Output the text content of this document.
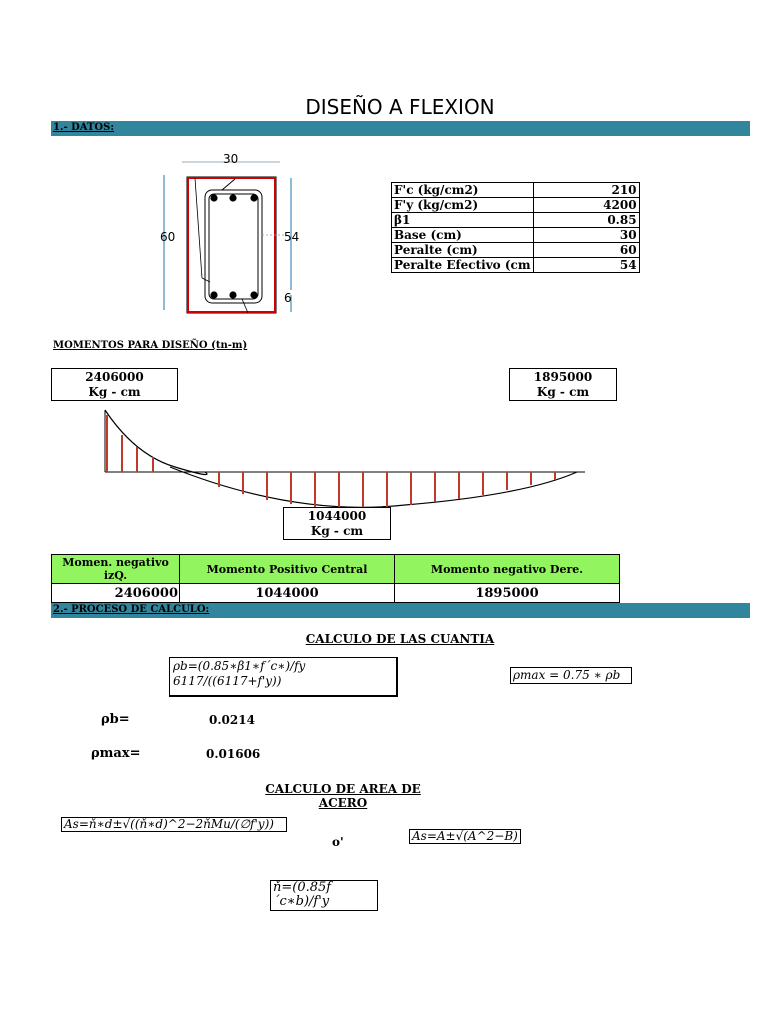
DISEÑO A FLEXION
1.- DATOS:
30
60	54
6
F'c (kg/cm2)	210
F'y (kg/cm2)	4200
β1	0.85
Base (cm)	30
Peralte (cm)	60
Peralte Efectivo (cm	54
MOMENTOS PARA DISEÑO (tn-m)
2406000
Kg - cm
1895000
Kg - cm
1044000
Kg - cm
Momen. negativo izQ.	Momento Positivo Central	Momento negativo Dere.
2406000	1044000	1895000
2.- PROCESO DE CALCULO:
CALCULO DE LAS CUANTIA
ρb=(0.85∗β1∗f´c∗)/fy 6117/((6117+f'y))	ρmax = 0.75 ∗ ρb
ρb=	0.0214
ρmax=	0.01606
CALCULO DE AREA DE ACERO
As=ň∗d±√((ň∗d)^2−2ňMu/(∅f'y))
o'	As=A±√(A^2−B)
ň=(0.85f´c∗b)/f'y
